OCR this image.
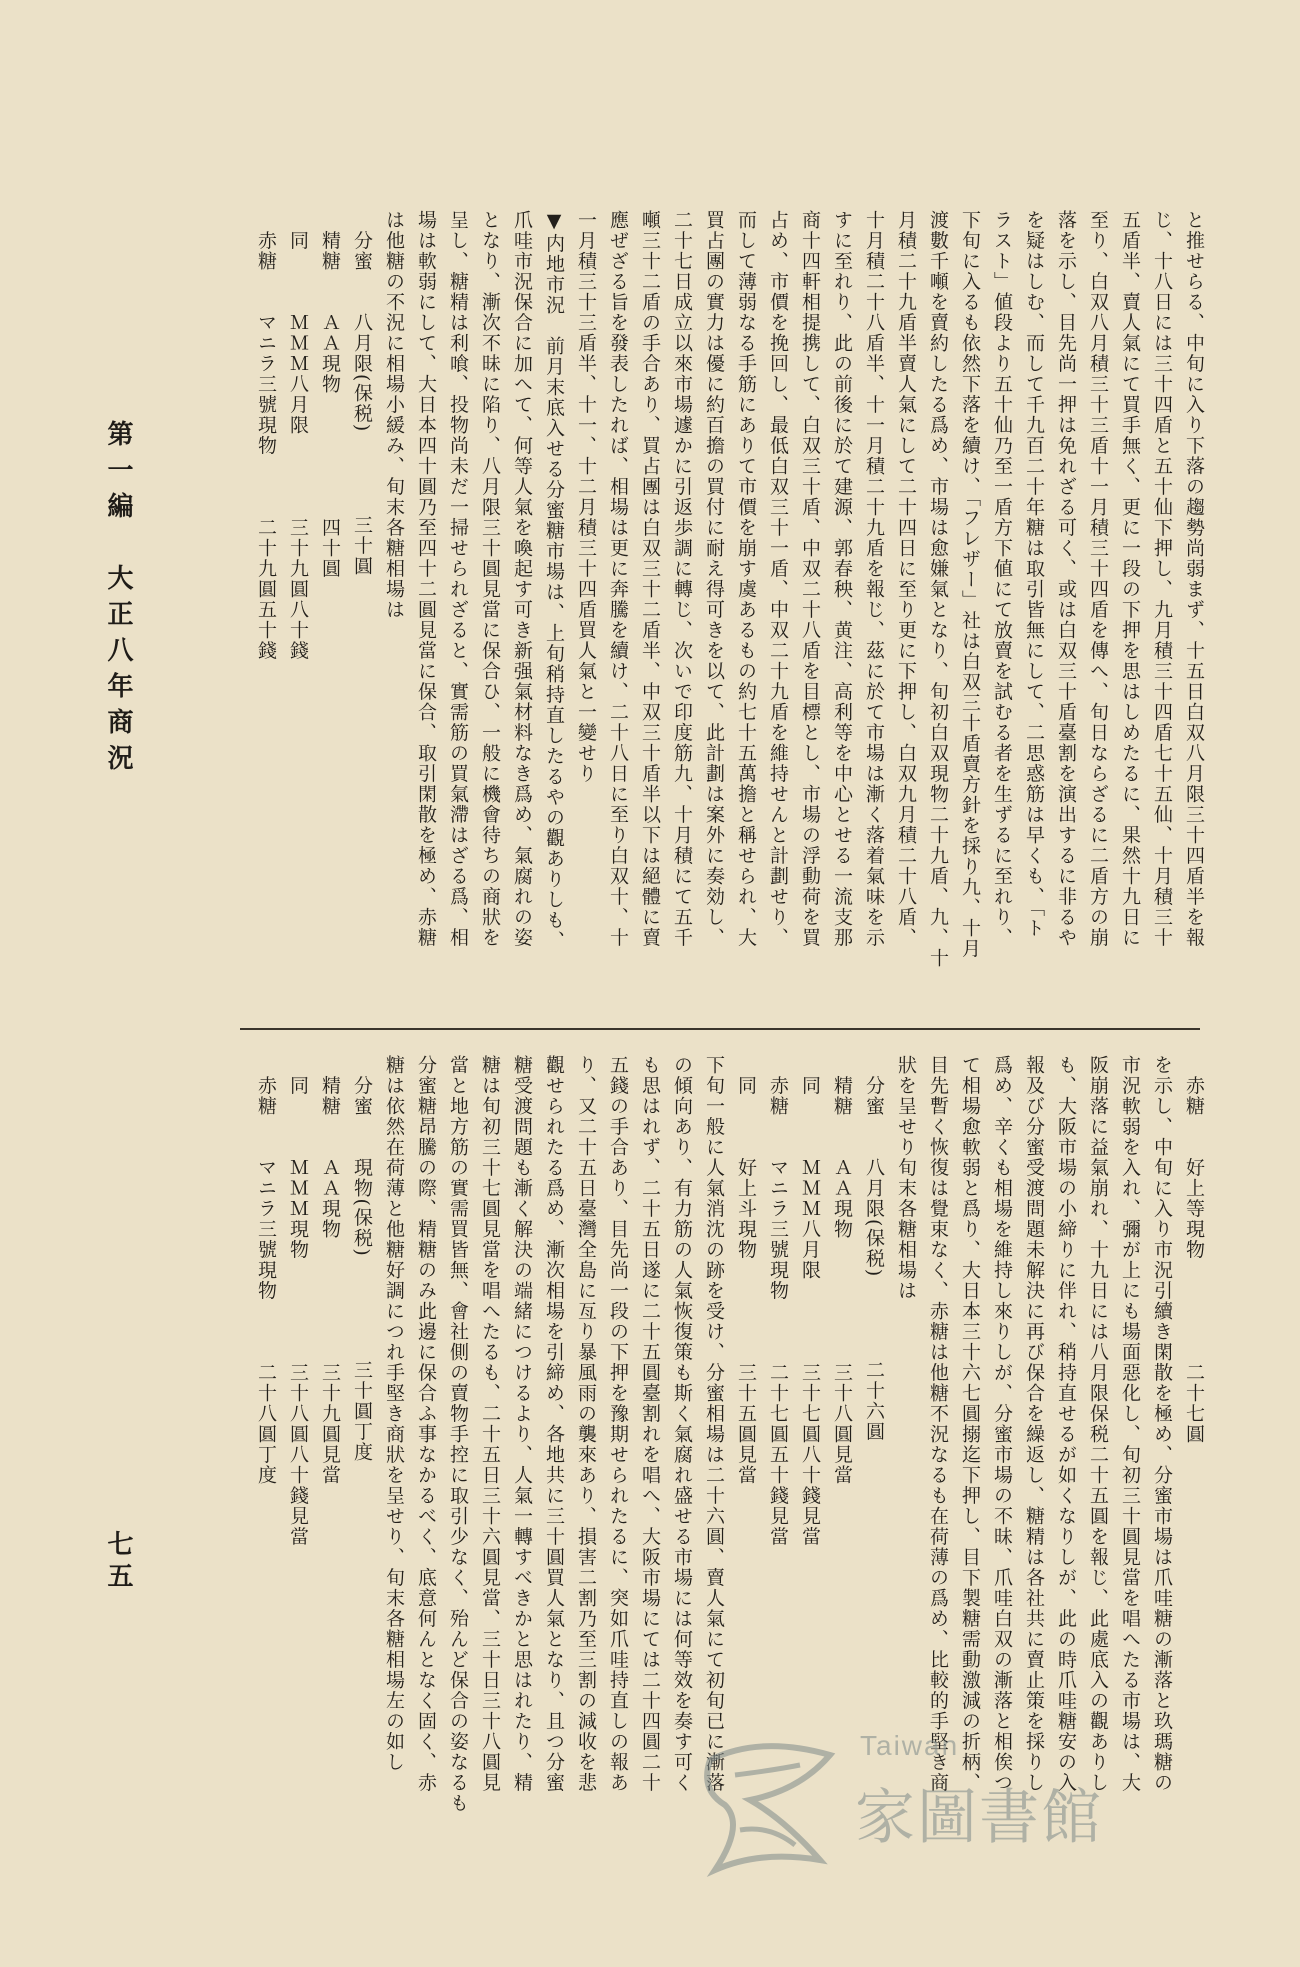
と推せらる、中旬に入り下落の趨勢尚弱まず、十五日白双八月限三十四盾半を報
じ、十八日には三十四盾と五十仙下押し、九月積三十四盾七十五仙、十月積三十
五盾半、賣人氣にて買手無く、更に一段の下押を思はしめたるに、果然十九日に
至り、白双八月積三十三盾十一月積三十四盾を傳へ、旬日ならざるに二盾方の崩
落を示し、目先尚一押は免れざる可く、或は白双三十盾臺割を演出するに非るや
を疑はしむ、而して千九百二十年糖は取引皆無にして、二思惑筋は早くも、「ト
ラスト」値段より五十仙乃至一盾方下値にて放賣を試むる者を生ずるに至れり、
下旬に入るも依然下落を續け、「フレザー」社は白双三十盾賣方針を採り九、十月
渡數千噸を賣約したる爲め、市場は愈嫌氣となり、旬初白双現物二十九盾、九、十
月積二十九盾半賣人氣にして二十四日に至り更に下押し、白双九月積二十八盾、
十月積二十八盾半、十一月積二十九盾を報じ、茲に於て市場は漸く落着氣味を示
すに至れり、此の前後に於て建源、郭春秧、黄注、高利等を中心とせる一流支那
商十四軒相提携して、白双三十盾、中双二十八盾を目標とし、市場の浮動荷を買
占め、市價を挽回し、最低白双三十一盾、中双二十九盾を維持せんと計劃せり、
而して薄弱なる手筋にありて市價を崩す虞あるもの約七十五萬擔と稱せられ、大
買占團の實力は優に約百擔の買付に耐え得可きを以て、此計劃は案外に奏効し、
二十七日成立以來市場遽かに引返歩調に轉じ、次いで印度筋九、十月積にて五千
噸三十二盾の手合あり、買占團は白双三十二盾半、中双三十盾半以下は絕體に賣
應ぜざる旨を發表したれば、相場は更に奔騰を續け、二十八日に至り白双十、十
一月積三十三盾半、十一、十二月積三十四盾買人氣と一變せり
▼内地市況　前月末底入せる分蜜糖市場は、上旬稍持直したるやの觀ありしも、
爪哇市況保合に加へて、何等人氣を喚起す可き新强氣材料なき爲め、氣腐れの姿
となり、漸次不昧に陷り、八月限三十圓見當に保合ひ、一般に機會待ちの商狀を
呈し、糖精は利喰、投物尚未だ一掃せられざると、實需筋の買氣滯はざる爲、相
場は軟弱にして、大日本四十圓乃至四十二圓見當に保合、取引閑散を極め、赤糖
は他糖の不況に相場小緩み、旬末各糖相場は
　分蜜　　八月限(保税)　　　　三十圓
　精糖　　ＡＡ現物　　　　　　四十圓
　同　　　ＭＭＭ八月限　　　　三十九圓八十錢
　赤糖　　マニラ三號現物　　　二十九圓五十錢
　赤糖　　好上等現物　　　　　二十七圓
を示し、中旬に入り市況引續き閑散を極め、分蜜市場は爪哇糖の漸落と玖瑪糖の
市況軟弱を入れ、彌が上にも場面惡化し、旬初三十圓見當を唱へたる市場は、大
阪崩落に益氣崩れ、十九日には八月限保税二十五圓を報じ、此處底入の觀ありし
も、大阪市場の小締りに伴れ、稍持直せるが如くなりしが、此の時爪哇糖安の入
報及び分蜜受渡問題未解決に再び保合を繰返し、糖精は各社共に賣止策を採りし
爲め、辛くも相場を維持し來りしが、分蜜市場の不昧、爪哇白双の漸落と相俟つ
て相場愈軟弱と爲り、大日本三十六七圓搦迄下押し、目下製糖需動激減の折柄、
目先暫く恢復は覺束なく、赤糖は他糖不況なるも在荷薄の爲め、比較的手堅き商
狀を呈せり旬末各糖相場は
　分蜜　　八月限(保税)　　　　二十六圓
　精糖　　ＡＡ現物　　　　　　三十八圓見當
　同　　　ＭＭＭ八月限　　　　三十七圓八十錢見當
　赤糖　　マニラ三號現物　　　二十七圓五十錢見當
　同　　　好上斗現物　　　　　三十五圓見當
下旬一般に人氣消沈の跡を受け、分蜜相場は二十六圓、賣人氣にて初旬已に漸落
の傾向あり、有力筋の人氣恢復策も斯く氣腐れ盛せる市場には何等效を奏す可く
も思はれず、二十五日遂に二十五圓臺割れを唱へ、大阪市場にては二十四圓二十
五錢の手合あり、目先尚一段の下押を豫期せられたるに、突如爪哇持直しの報あ
り、又二十五日臺灣全島に亙り暴風雨の襲來あり、損害二割乃至三割の減收を悲
觀せられたる爲め、漸次相場を引締め、各地共に三十圓買人氣となり、且つ分蜜
糖受渡問題も漸く解決の端緒につけるより、人氣一轉すべきかと思はれたり、精
糖は旬初三十七圓見當を唱へたるも、二十五日三十六圓見當、三十日三十八圓見
當と地方筋の實需買皆無、會社側の賣物手控に取引少なく、殆んど保合の姿なるも
分蜜糖昂騰の際、精糖のみ此邊に保合ふ事なかるべく、底意何んとなく固く、赤
糖は依然在荷薄と他糖好調につれ手堅き商狀を呈せり、旬末各糖相場左の如し
　分蜜　　現物(保税)　　　　　三十圓丁度
　精糖　　ＡＡ現物　　　　　　三十九圓見當
　同　　　ＭＭＭ現物　　　　　三十八圓八十錢見當
　赤糖　　マニラ三號現物　　　二十八圓丁度
第一編　大正八年商況
七五
Taiwan
家圖書館
